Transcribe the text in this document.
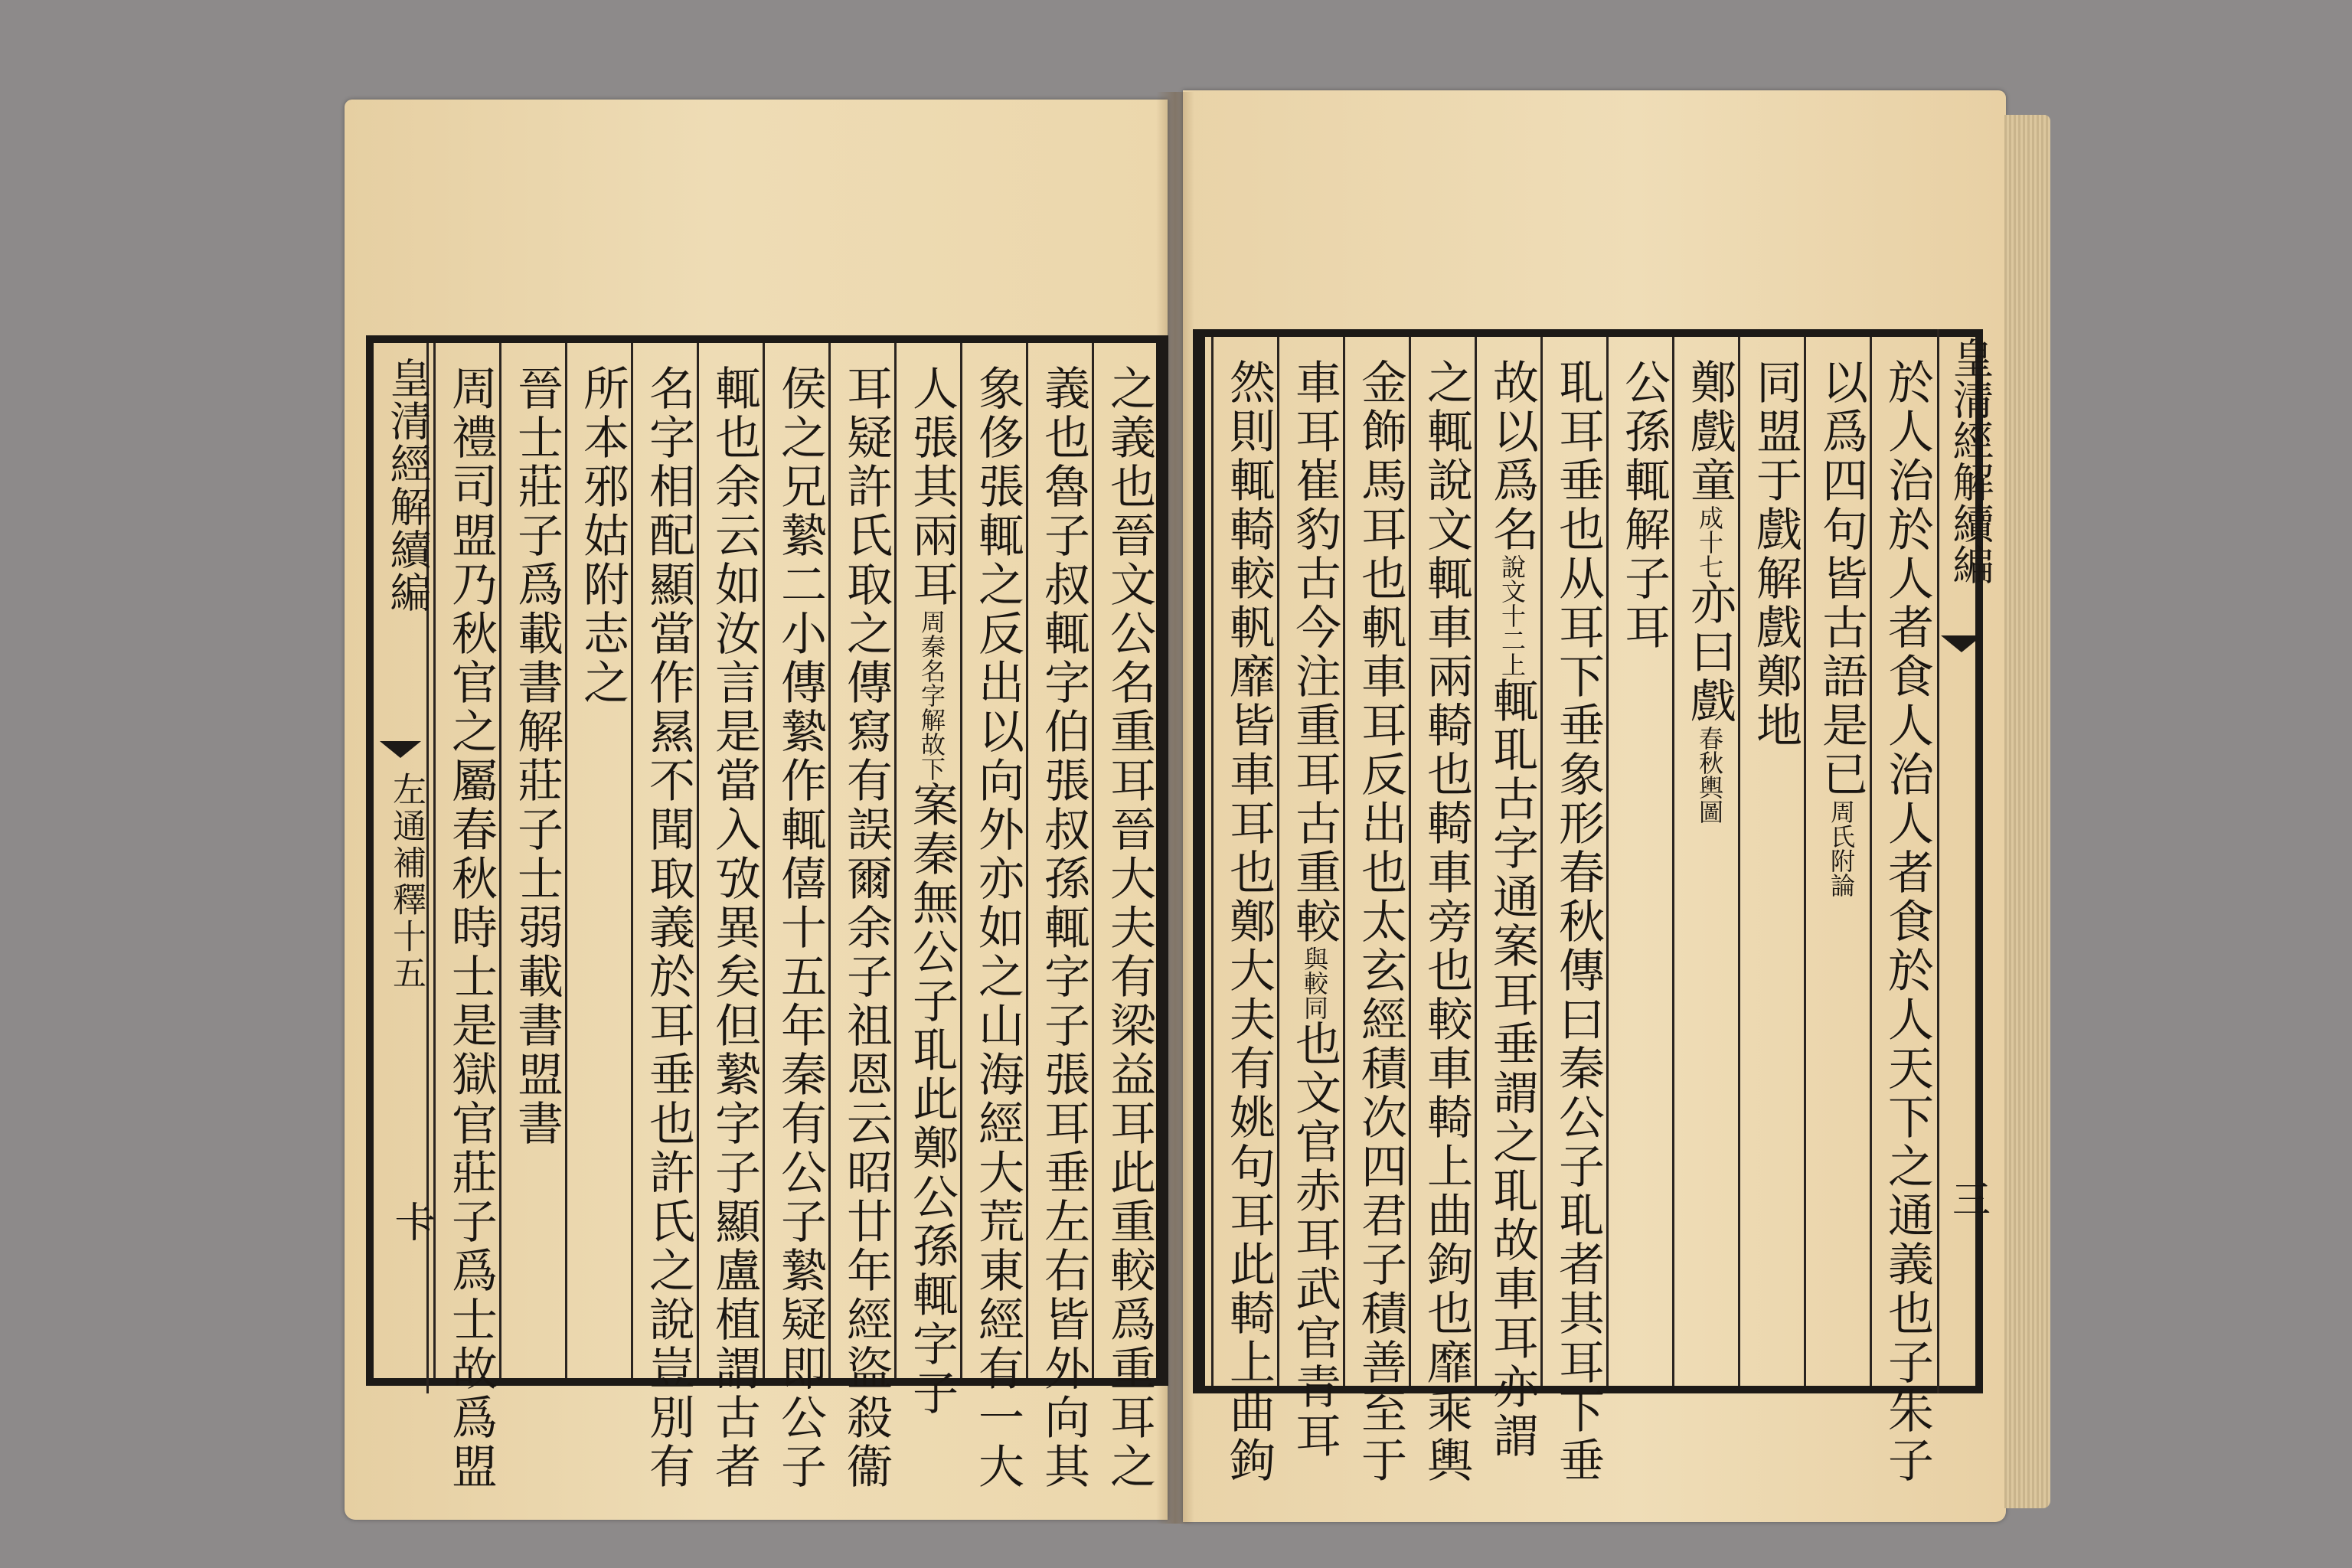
皇清經解續編
左通補釋十五
卡	之義也晉文公名重耳晉大夫有梁益耳此重較爲重耳之
義也魯子叔輒字伯張叔孫輒字子張耳垂左右皆外向其
象侈張輒之反出以向外亦如之山海經大荒東經有一大
人張其兩耳周秦名字解故下案秦無公子耴此鄭公孫輒字子
耳疑許氏取之傳寫有誤爾余子祖恩云昭廿年經盜殺衞
侯之兄縶二小傳縶作輒僖十五年秦有公子縶疑即公子
輒也余云如汝言是當入攷異矣但縶字子顯盧植謂古者
名字相配顯當作㬎不聞取義於耳垂也許氏之說豈別有
所本邪姑附志之
晉士莊子爲載書解莊子士弱載書盟書
周禮司盟乃秋官之屬春秋時士是獄官莊子爲士故爲盟	皇清經解續編
三
於人治於人者食人治人者食於人天下之通義也子朱子
以爲四句皆古語是已周氏附論
同盟于戲解戲鄭地
鄭戲童成十七亦曰戲春秋輿圖
公孫輒解子耳
耴耳垂也从耳下垂象形春秋傳曰秦公子耴者其耳下垂
故以爲名說文十二上輒耴古字通案耳垂謂之耴故車耳亦謂
之輒說文輒車兩輢也輢車旁也較車輢上曲鉤也靡乘輿
金飾馬耳也軓車耳反出也太玄經積次四君子積善至于
車耳崔豹古今注重耳古重較與較同也文官赤耳武官青耳
然則輒輢較軓靡皆車耳也鄭大夫有姚句耳此輢上曲鉤
